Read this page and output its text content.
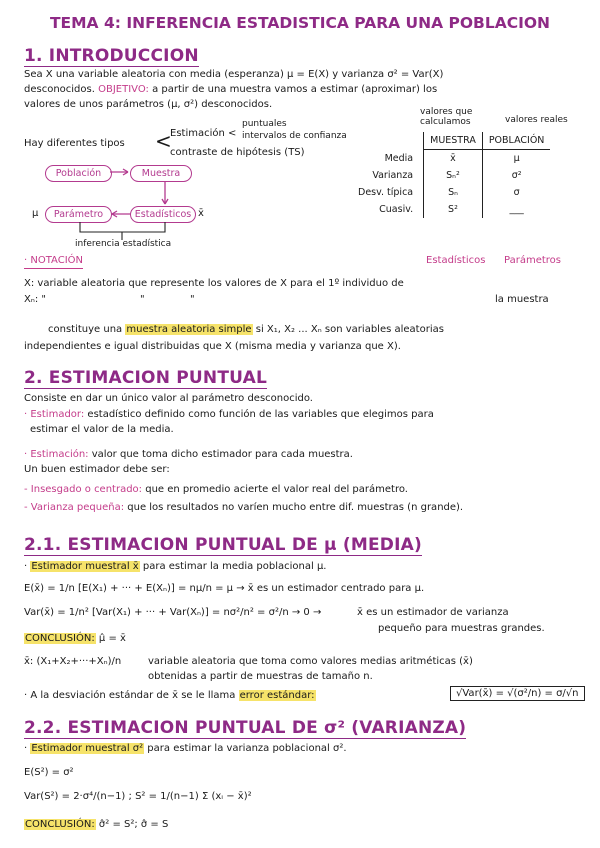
TEMA 4: INFERENCIA ESTADISTICA PARA UNA POBLACION
1. INTRODUCCION
Sea X una variable aleatoria con media (esperanza) μ = E(X) y varianza σ² = Var(X)
desconocidos. OBJETIVO: a partir de una muestra vamos a estimar (aproximar) los
valores de unos parámetros (μ, σ²) desconocidos.
Hay diferentes tipos <
Estimación <
puntuales
intervalos de confianza
contraste de hipótesis (TS)
Población	Muestra
Parámetro	Estadísticos
μ	x̄
inferencia estadística
valores que calculamos	valores reales
	MUESTRA	POBLACIÓN
Media	x̄	μ
Varianza	Sₙ²	σ²
Desv. típica	Sₙ	σ
Cuasiv.	S²	___
Estadísticos Parámetros
· NOTACIÓN
X: variable aleatoria que represente los valores de X para el 1º individuo de
Xₙ: "	"	"	la muestra
constituye una muestra aleatoria simple si X₁, X₂ ... Xₙ son variables aleatorias
independientes e igual distribuidas que X (misma media y varianza que X).
2. ESTIMACION PUNTUAL
Consiste en dar un único valor al parámetro desconocido.
· Estimador: estadístico definido como función de las variables que elegimos para
estimar el valor de la media.
· Estimación: valor que toma dicho estimador para cada muestra.
Un buen estimador debe ser:
- Insesgado o centrado: que en promedio acierte el valor real del parámetro.
- Varianza pequeña: que los resultados no varíen mucho entre dif. muestras (n grande).
2.1. ESTIMACION PUNTUAL DE μ (MEDIA)
· Estimador muestral x̄ para estimar la media poblacional μ.
E(x̄) = 1/n [E(X₁) + ··· + E(Xₙ)] = nμ/n = μ → x̄ es un estimador centrado para μ.
Var(x̄) = 1/n² [Var(X₁) + ··· + Var(Xₙ)] = nσ²/n² = σ²/n → 0 →	x̄ es un estimador de varianza
pequeño para muestras grandes.
CONCLUSIÓN: μ̂ = x̄
x̄: (X₁+X₂+···+Xₙ)/n	variable aleatoria que toma como valores medias aritméticas (x̄)
obtenidas a partir de muestras de tamaño n.
· A la desviación estándar de x̄ se le llama error estándar:	√Var(x̄) = √(σ²/n) = σ/√n
2.2. ESTIMACION PUNTUAL DE σ² (VARIANZA)
· Estimador muestral σ² para estimar la varianza poblacional σ².
E(S²) = σ²
Var(S²) = 2·σ⁴/(n−1) ; S² = 1/(n−1) Σ (xᵢ − x̄)²
CONCLUSIÓN: σ̂² = S²; σ̂ = S
